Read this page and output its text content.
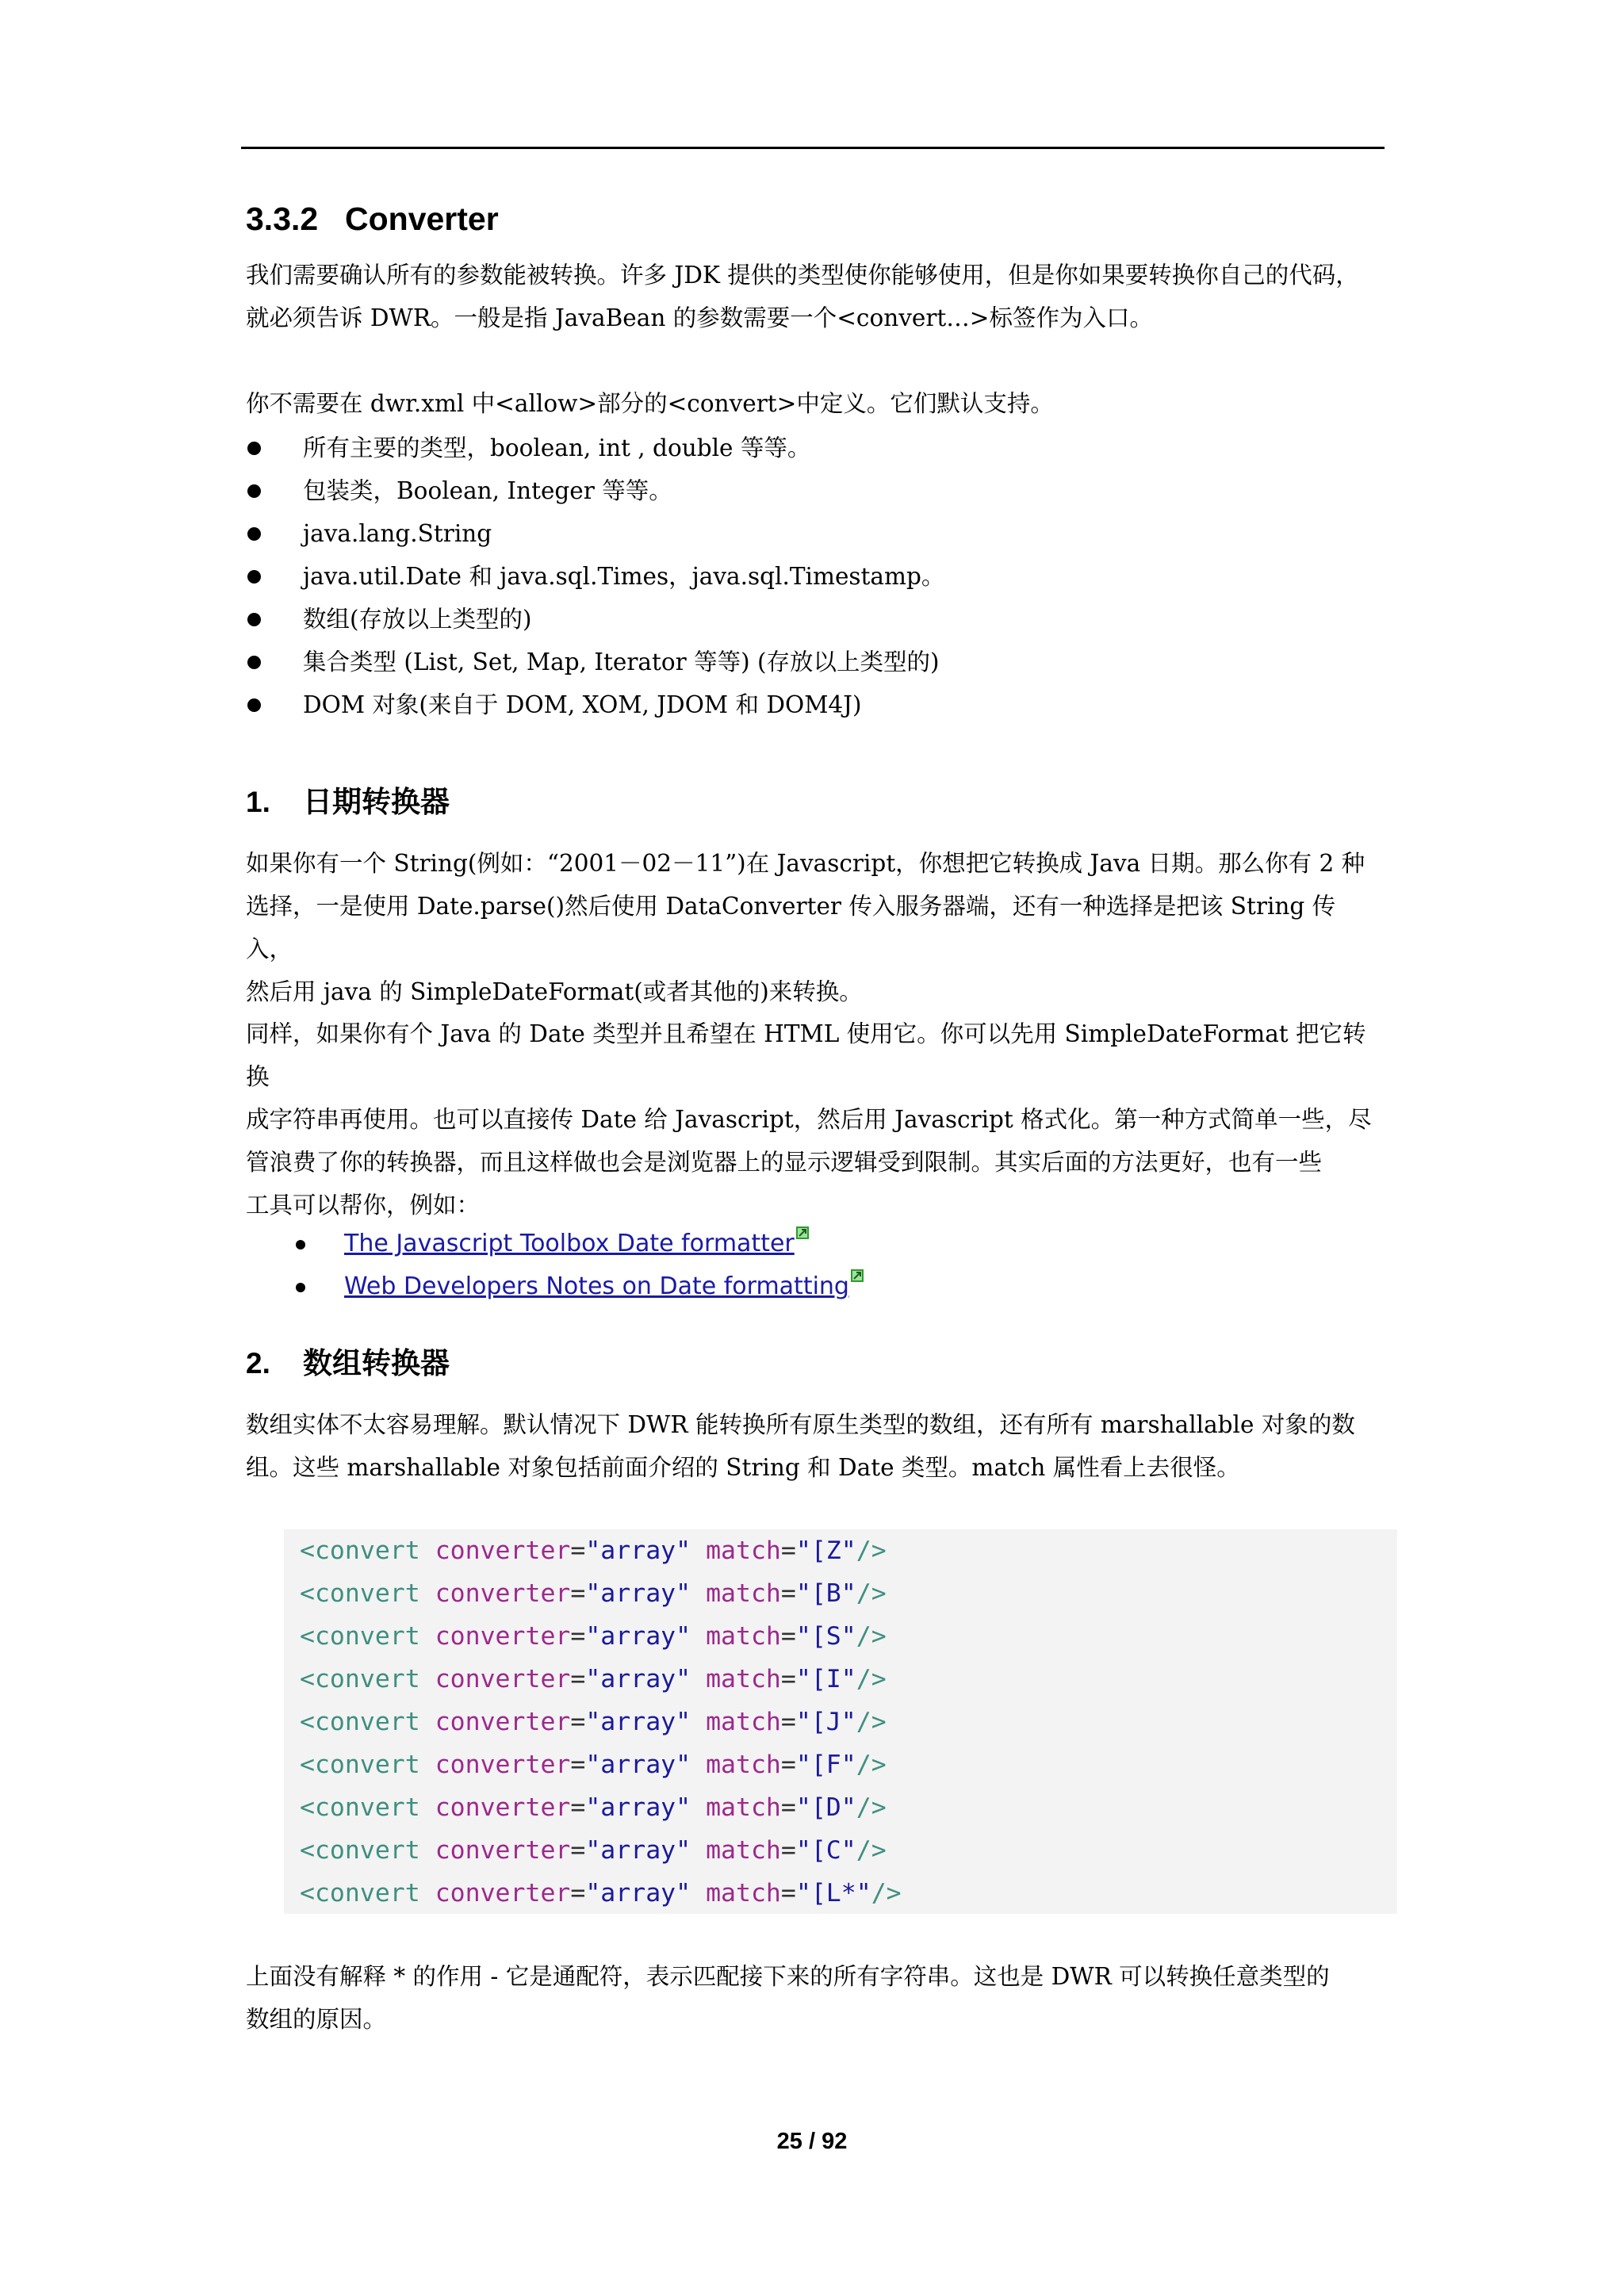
3.3.2 Converter
我们需要确认所有的参数能被转换。许多 JDK 提供的类型使你能够使用，但是你如果要转换你自己的代码，
就必须告诉 DWR。一般是指 JavaBean 的参数需要一个<convert…>标签作为入口。
你不需要在 dwr.xml 中<allow>部分的<convert>中定义。它们默认支持。
所有主要的类型，boolean, int , double 等等。
包装类，Boolean, Integer 等等。
java.lang.String
java.util.Date 和 java.sql.Times，java.sql.Timestamp。
数组(存放以上类型的)
集合类型 (List, Set, Map, Iterator 等等) (存放以上类型的)
DOM 对象(来自于 DOM, XOM, JDOM 和 DOM4J)
1. 日期转换器
如果你有一个 String(例如：“2001－02－11”)在 Javascript，你想把它转换成 Java 日期。那么你有 2 种
选择，一是使用 Date.parse()然后使用 DataConverter 传入服务器端，还有一种选择是把该 String 传入，
然后用 java 的 SimpleDateFormat(或者其他的)来转换。
同样，如果你有个 Java 的 Date 类型并且希望在 HTML 使用它。你可以先用 SimpleDateFormat 把它转换
成字符串再使用。也可以直接传 Date 给 Javascript，然后用 Javascript 格式化。第一种方式简单一些，尽
管浪费了你的转换器，而且这样做也会是浏览器上的显示逻辑受到限制。其实后面的方法更好，也有一些
工具可以帮你，例如：
The Javascript Toolbox Date formatter
Web Developers Notes on Date formatting
2. 数组转换器
数组实体不太容易理解。默认情况下 DWR 能转换所有原生类型的数组，还有所有 marshallable 对象的数
组。这些 marshallable 对象包括前面介绍的 String 和 Date 类型。match 属性看上去很怪。
<convert converter="array" match="[Z"/>
<convert converter="array" match="[B"/>
<convert converter="array" match="[S"/>
<convert converter="array" match="[I"/>
<convert converter="array" match="[J"/>
<convert converter="array" match="[F"/>
<convert converter="array" match="[D"/>
<convert converter="array" match="[C"/>
<convert converter="array" match="[L*"/>
上面没有解释 * 的作用 - 它是通配符，表示匹配接下来的所有字符串。这也是 DWR 可以转换任意类型的
数组的原因。
25 / 92
